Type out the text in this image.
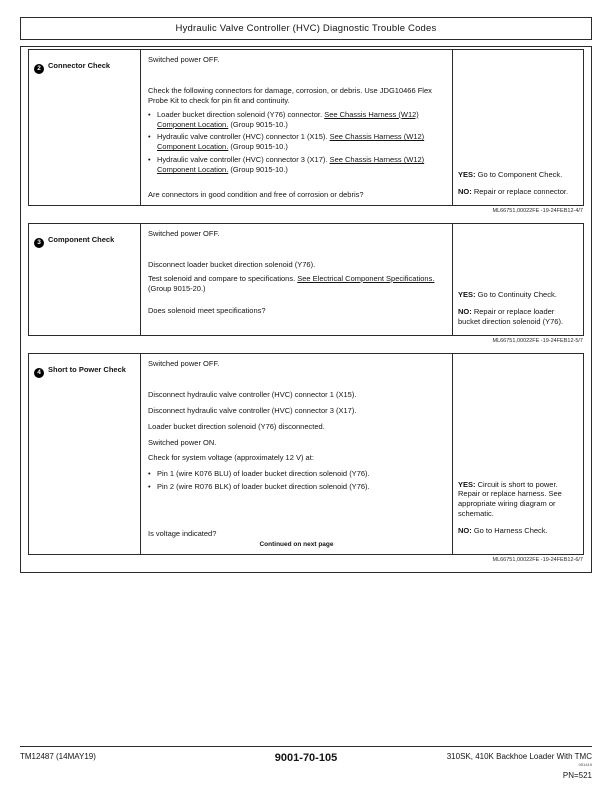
Hydraulic Valve Controller (HVC) Diagnostic Trouble Codes
2 Connector Check

Switched power OFF.

Check the following connectors for damage, corrosion, or debris. Use JDG10466 Flex Probe Kit to check for pin fit and continuity.

• Loader bucket direction solenoid (Y76) connector. See Chassis Harness (W12) Component Location. (Group 9015-10.)
• Hydraulic valve controller (HVC) connector 1 (X15). See Chassis Harness (W12) Component Location. (Group 9015-10.)
• Hydraulic valve controller (HVC) connector 3 (X17). See Chassis Harness (W12) Component Location. (Group 9015-10.)

Are connectors in good condition and free of corrosion or debris?

YES: Go to Component Check.

NO: Repair or replace connector.

ML66751,00022FE -19-24FEB12-4/7
3 Component Check

Switched power OFF.

Disconnect loader bucket direction solenoid (Y76).

Test solenoid and compare to specifications. See Electrical Component Specifications. (Group 9015-20.)

Does solenoid meet specifications?

YES: Go to Continuity Check.

NO: Repair or replace loader bucket direction solenoid (Y76).

ML66751,00022FE -19-24FEB12-5/7
4 Short to Power Check

Switched power OFF.

Disconnect hydraulic valve controller (HVC) connector 1 (X15).

Disconnect hydraulic valve controller (HVC) connector 3 (X17).

Loader bucket direction solenoid (Y76) disconnected.

Switched power ON.

Check for system voltage (approximately 12 V) at:

• Pin 1 (wire K076 BLU) of loader bucket direction solenoid (Y76).
• Pin 2 (wire R076 BLK) of loader bucket direction solenoid (Y76).

Is voltage indicated?

Continued on next page

YES: Circuit is short to power. Repair or replace harness. See appropriate wiring diagram or schematic.

NO: Go to Harness Check.

ML66751,00022FE -19-24FEB12-6/7
TM12487 (14MAY19)	9001-70-105	310SK, 410K Backhoe Loader With TMC
051419
PN=521
